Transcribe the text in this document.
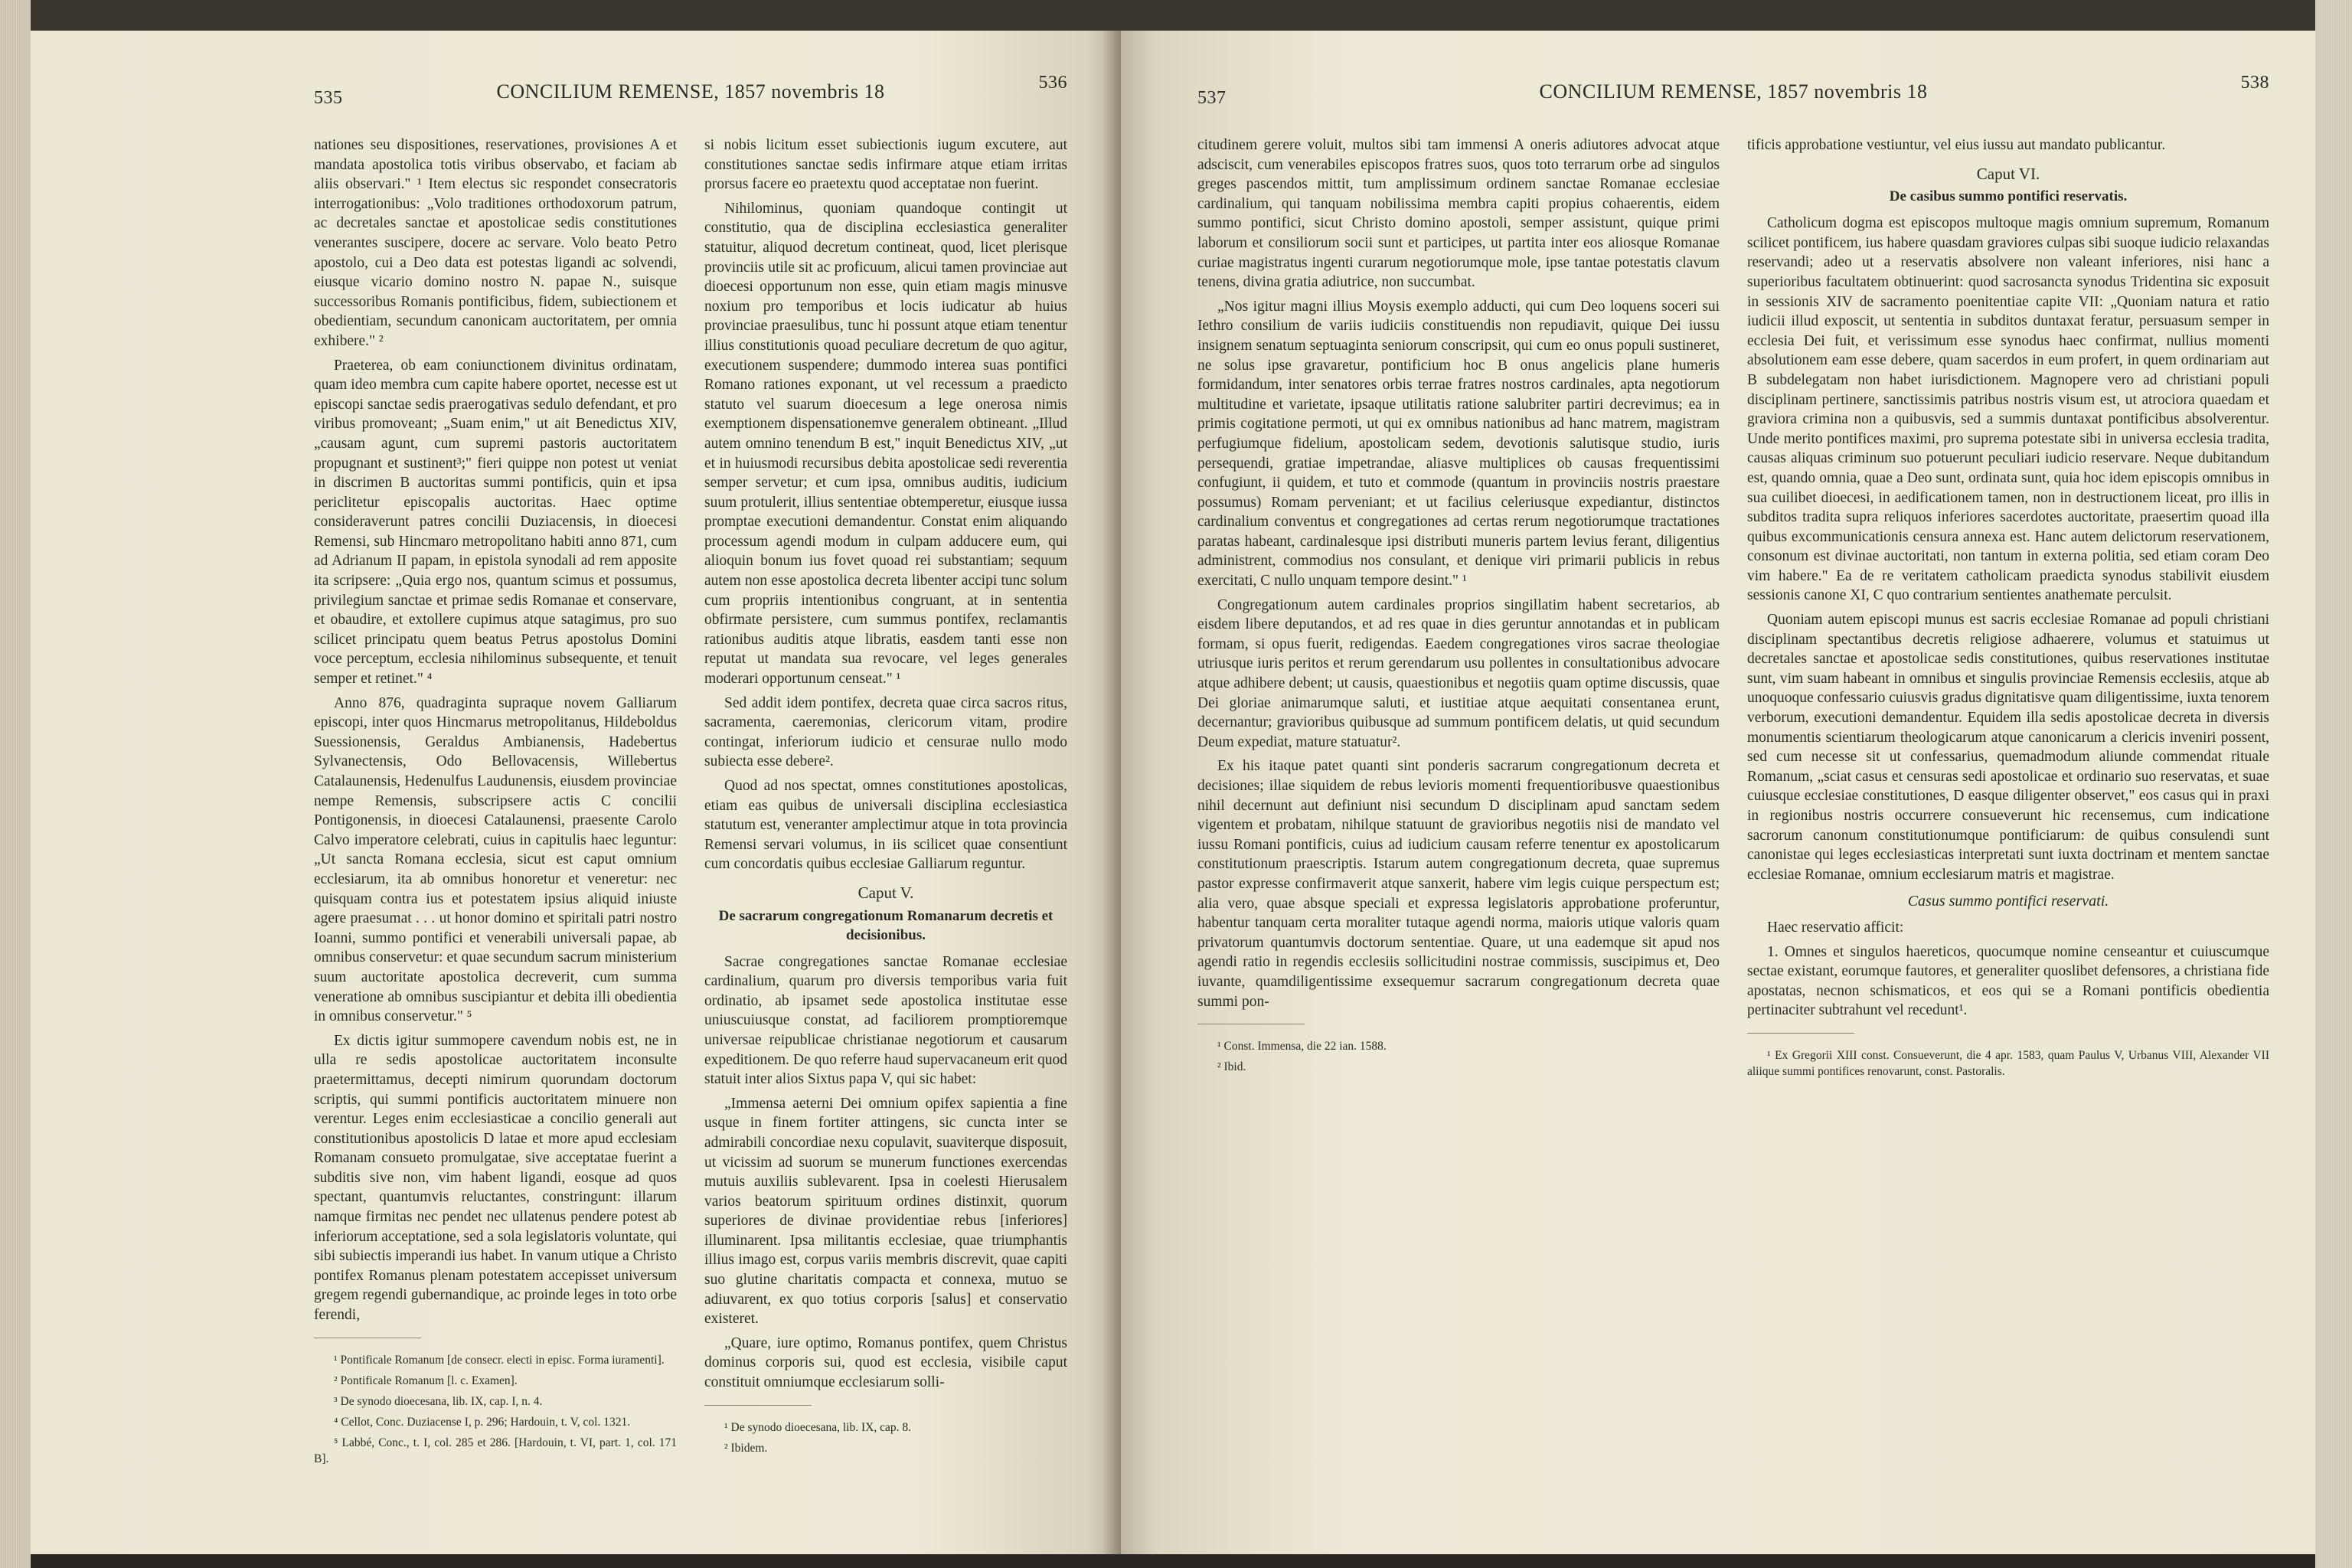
535	CONCILIUM REMENSE, 1857 novembris 18	536

nationes seu dispositiones, reservationes, provisiones A et mandata apostolica totis viribus observabo, et faciam ab aliis observari." ¹ Item electus sic respondet consecratoris interrogationibus: „Volo traditiones orthodoxorum patrum, ac decretales sanctae et apostolicae sedis constitutiones venerantes suscipere, docere ac servare. Volo beato Petro apostolo, cui a Deo data est potestas ligandi ac solvendi, eiusque vicario domino nostro N. papae N., suisque successoribus Romanis pontificibus, fidem, subiectionem et obedientiam, secundum canonicam auctoritatem, per omnia exhibere." ²

Praeterea, ob eam coniunctionem divinitus ordinatam, quam ideo membra cum capite habere oportet, necesse est ut episcopi sanctae sedis praerogativas sedulo defendant, et pro viribus promoveant; „Suam enim," ut ait Benedictus XIV, „causam agunt, cum supremi pastoris auctoritatem propugnant et sustinent³;" fieri quippe non potest ut veniat in discrimen B auctoritas summi pontificis, quin et ipsa periclitetur episcopalis auctoritas. Haec optime consideraverunt patres concilii Duziacensis, in dioecesi Remensi, sub Hincmaro metropolitano habiti anno 871, cum ad Adrianum II papam, in epistola synodali ad rem apposite ita scripsere: „Quia ergo nos, quantum scimus et possumus, privilegium sanctae et primae sedis Romanae et conservare, et obaudire, et extollere cupimus atque satagimus, pro suo scilicet principatu quem beatus Petrus apostolus Domini voce perceptum, ecclesia nihilominus subsequente, et tenuit semper et retinet." ⁴

Anno 876, quadraginta supraque novem Galliarum episcopi, inter quos Hincmarus metropolitanus, Hildeboldus Suessionensis, Geraldus Ambianensis, Hadebertus Sylvanectensis, Odo Bellovacensis, Willebertus Catalaunensis, Hedenulfus Laudunensis, eiusdem provinciae nempe Remensis, subscripsere actis C concilii Pontigonensis, in dioecesi Catalaunensi, praesente Carolo Calvo imperatore celebrati, cuius in capitulis haec leguntur: „Ut sancta Romana ecclesia, sicut est caput omnium ecclesiarum, ita ab omnibus honoretur et veneretur: nec quisquam contra ius et potestatem ipsius aliquid iniuste agere praesumat . . . ut honor domino et spiritali patri nostro Ioanni, summo pontifici et venerabili universali papae, ab omnibus conservetur: et quae secundum sacrum ministerium suum auctoritate apostolica decreverit, cum summa veneratione ab omnibus suscipiantur et debita illi obedientia in omnibus conservetur." ⁵

Ex dictis igitur summopere cavendum nobis est, ne in ulla re sedis apostolicae auctoritatem inconsulte praetermittamus, decepti nimirum quorundam doctorum scriptis, qui summi pontificis auctoritatem minuere non verentur. Leges enim ecclesiasticae a concilio generali aut constitutionibus apostolicis D latae et more apud ecclesiam Romanam consueto promulgatae, sive acceptatae fuerint a subditis sive non, vim habent ligandi, eosque ad quos spectant, quantumvis reluctantes, constringunt: illarum namque firmitas nec pendet nec ullatenus pendere potest ab inferiorum acceptatione, sed a sola legislatoris voluntate, qui sibi subiectis imperandi ius habet. In vanum utique a Christo pontifex Romanus plenam potestatem accepisset universum gregem regendi gubernandique, ac proinde leges in toto orbe ferendi,

¹ Pontificale Romanum [de consecr. electi in episc. Forma iuramenti].

² Pontificale Romanum [l. c. Examen].

³ De synodo dioecesana, lib. IX, cap. I, n. 4.

⁴ Cellot, Conc. Duziacense I, p. 296; Hardouin, t. V, col. 1321.

⁵ Labbé, Conc., t. I, col. 285 et 286. [Hardouin, t. VI, part. 1, col. 171 B].

si nobis licitum esset subiectionis iugum excutere, aut constitutiones sanctae sedis infirmare atque etiam irritas prorsus facere eo praetextu quod acceptatae non fuerint.

Nihilominus, quoniam quandoque contingit ut constitutio, qua de disciplina ecclesiastica generaliter statuitur, aliquod decretum contineat, quod, licet plerisque provinciis utile sit ac proficuum, alicui tamen provinciae aut dioecesi opportunum non esse, quin etiam magis minusve noxium pro temporibus et locis iudicatur ab huius provinciae praesulibus, tunc hi possunt atque etiam tenentur illius constitutionis quoad peculiare decretum de quo agitur, executionem suspendere; dummodo interea suas pontifici Romano rationes exponant, ut vel recessum a praedicto statuto vel suarum dioecesum a lege onerosa nimis exemptionem dispensationemve generalem obtineant. „Illud autem omnino tenendum B est," inquit Benedictus XIV, „ut et in huiusmodi recursibus debita apostolicae sedi reverentia semper servetur; et cum ipsa, omnibus auditis, iudicium suum protulerit, illius sententiae obtemperetur, eiusque iussa promptae executioni demandentur. Constat enim aliquando processum agendi modum in culpam adducere eum, qui alioquin bonum ius fovet quoad rei substantiam; sequum autem non esse apostolica decreta libenter accipi tunc solum cum propriis intentionibus congruant, at in sententia obfirmate persistere, cum summus pontifex, reclamantis rationibus auditis atque libratis, easdem tanti esse non reputat ut mandata sua revocare, vel leges generales moderari opportunum censeat." ¹

Sed addit idem pontifex, decreta quae circa sacros ritus, sacramenta, caeremonias, clericorum vitam, prodire contingat, inferiorum iudicio et censurae nullo modo subiecta esse debere².

Quod ad nos spectat, omnes constitutiones apostolicas, etiam eas quibus de universali disciplina ecclesiastica statutum est, veneranter amplectimur atque in tota provincia Remensi servari volumus, in iis scilicet quae consentiunt cum concordatis quibus ecclesiae Galliarum reguntur.

Caput V.
De sacrarum congregationum Romanarum decretis et decisionibus.

Sacrae congregationes sanctae Romanae ecclesiae cardinalium, quarum pro diversis temporibus varia fuit ordinatio, ab ipsamet sede apostolica institutae esse uniuscuiusque constat, ad faciliorem promptioremque universae reipublicae christianae negotiorum et causarum expeditionem. De quo referre haud supervacaneum erit quod statuit inter alios Sixtus papa V, qui sic habet:

„Immensa aeterni Dei omnium opifex sapientia a fine usque in finem fortiter attingens, sic cuncta inter se admirabili concordiae nexu copulavit, suaviterque disposuit, ut vicissim ad suorum se munerum functiones exercendas mutuis auxiliis sublevarent. Ipsa in coelesti Hierusalem varios beatorum spirituum ordines distinxit, quorum superiores de divinae providentiae rebus [inferiores] illuminarent. Ipsa militantis ecclesiae, quae triumphantis illius imago est, corpus variis membris discrevit, quae capiti suo glutine charitatis compacta et connexa, mutuo se adiuvarent, ex quo totius corporis [salus] et conservatio existeret.

„Quare, iure optimo, Romanus pontifex, quem Christus dominus corporis sui, quod est ecclesia, visibile caput constituit omniumque ecclesiarum solli-

¹ De synodo dioecesana, lib. IX, cap. 8.

² Ibidem.

537	CONCILIUM REMENSE, 1857 novembris 18	538

citudinem gerere voluit, multos sibi tam immensi A oneris adiutores advocat atque adsciscit, cum venerabiles episcopos fratres suos, quos toto terrarum orbe ad singulos greges pascendos mittit, tum amplissimum ordinem sanctae Romanae ecclesiae cardinalium, qui tanquam nobilissima membra capiti propius cohaerentis, eidem summo pontifici, sicut Christo domino apostoli, semper assistunt, quique primi laborum et consiliorum socii sunt et participes, ut partita inter eos aliosque Romanae curiae magistratus ingenti curarum negotiorumque mole, ipse tantae potestatis clavum tenens, divina gratia adiutrice, non succumbat.

„Nos igitur magni illius Moysis exemplo adducti, qui cum Deo loquens soceri sui Iethro consilium de variis iudiciis constituendis non repudiavit, quique Dei iussu insignem senatum septuaginta seniorum conscripsit, qui cum eo onus populi sustineret, ne solus ipse gravaretur, pontificium hoc B onus angelicis plane humeris formidandum, inter senatores orbis terrae fratres nostros cardinales, apta negotiorum multitudine et varietate, ipsaque utilitatis ratione salubriter partiri decrevimus; ea in primis cogitatione permoti, ut qui ex omnibus nationibus ad hanc matrem, magistram perfugiumque fidelium, apostolicam sedem, devotionis salutisque studio, iuris persequendi, gratiae impetrandae, aliasve multiplices ob causas frequentissimi confugiunt, ii quidem, et tuto et commode (quantum in provinciis nostris praestare possumus) Romam perveniant; et ut facilius celeriusque expediantur, distinctos cardinalium conventus et congregationes ad certas rerum negotiorumque tractationes paratas habeant, cardinalesque ipsi distributi muneris partem levius ferant, diligentius administrent, commodius nos consulant, et denique viri primarii publicis in rebus exercitati, C nullo unquam tempore desint." ¹

Congregationum autem cardinales proprios singillatim habent secretarios, ab eisdem libere deputandos, et ad res quae in dies geruntur annotandas et in publicam formam, si opus fuerit, redigendas. Eaedem congregationes viros sacrae theologiae utriusque iuris peritos et rerum gerendarum usu pollentes in consultationibus advocare atque adhibere debent; ut causis, quaestionibus et negotiis quam optime discussis, quae Dei gloriae animarumque saluti, et iustitiae atque aequitati consentanea erunt, decernantur; gravioribus quibusque ad summum pontificem delatis, ut quid secundum Deum expediat, mature statuatur².

Ex his itaque patet quanti sint ponderis sacrarum congregationum decreta et decisiones; illae siquidem de rebus levioris momenti frequentioribusve quaestionibus nihil decernunt aut definiunt nisi secundum D disciplinam apud sanctam sedem vigentem et probatam, nihilque statuunt de gravioribus negotiis nisi de mandato vel iussu Romani pontificis, cuius ad iudicium causam referre tenentur ex apostolicarum constitutionum praescriptis. Istarum autem congregationum decreta, quae supremus pastor expresse confirmaverit atque sanxerit, habere vim legis cuique perspectum est; alia vero, quae absque speciali et expressa legislatoris approbatione proferuntur, habentur tanquam certa moraliter tutaque agendi norma, maioris utique valoris quam privatorum quantumvis doctorum sententiae. Quare, ut una eademque sit apud nos agendi ratio in regendis ecclesiis sollicitudini nostrae commissis, suscipimus et, Deo iuvante, quamdiligentissime exsequemur sacrarum congregationum decreta quae summi pon-

¹ Const. Immensa, die 22 ian. 1588.

² Ibid.

tificis approbatione vestiuntur, vel eius iussu aut mandato publicantur.

Caput VI.
De casibus summo pontifici reservatis.

Catholicum dogma est episcopos multoque magis omnium supremum, Romanum scilicet pontificem, ius habere quasdam graviores culpas sibi suoque iudicio relaxandas reservandi; adeo ut a reservatis absolvere non valeant inferiores, nisi hanc a superioribus facultatem obtinuerint: quod sacrosancta synodus Tridentina sic exposuit in sessionis XIV de sacramento poenitentiae capite VII: „Quoniam natura et ratio iudicii illud exposcit, ut sententia in subditos duntaxat feratur, persuasum semper in ecclesia Dei fuit, et verissimum esse synodus haec confirmat, nullius momenti absolutionem eam esse debere, quam sacerdos in eum profert, in quem ordinariam aut B subdelegatam non habet iurisdictionem. Magnopere vero ad christiani populi disciplinam pertinere, sanctissimis patribus nostris visum est, ut atrociora quaedam et graviora crimina non a quibusvis, sed a summis duntaxat pontificibus absolverentur. Unde merito pontifices maximi, pro suprema potestate sibi in universa ecclesia tradita, causas aliquas criminum suo potuerunt peculiari iudicio reservare. Neque dubitandum est, quando omnia, quae a Deo sunt, ordinata sunt, quia hoc idem episcopis omnibus in sua cuilibet dioecesi, in aedificationem tamen, non in destructionem liceat, pro illis in subditos tradita supra reliquos inferiores sacerdotes auctoritate, praesertim quoad illa quibus excommunicationis censura annexa est. Hanc autem delictorum reservationem, consonum est divinae auctoritati, non tantum in externa politia, sed etiam coram Deo vim habere." Ea de re veritatem catholicam praedicta synodus stabilivit eiusdem sessionis canone XI, C quo contrarium sentientes anathemate perculsit.

Quoniam autem episcopi munus est sacris ecclesiae Romanae ad populi christiani disciplinam spectantibus decretis religiose adhaerere, volumus et statuimus ut decretales sanctae et apostolicae sedis constitutiones, quibus reservationes institutae sunt, vim suam habeant in omnibus et singulis provinciae Remensis ecclesiis, atque ab unoquoque confessario cuiusvis gradus dignitatisve quam diligentissime, iuxta tenorem verborum, executioni demandentur. Equidem illa sedis apostolicae decreta in diversis monumentis scientiarum theologicarum atque canonicarum a clericis inveniri possent, sed cum necesse sit ut confessarius, quemadmodum aliunde commendat rituale Romanum, „sciat casus et censuras sedi apostolicae et ordinario suo reservatas, et suae cuiusque ecclesiae constitutiones, D easque diligenter observet," eos casus qui in praxi in regionibus nostris occurrere consueverunt hic recensemus, cum indicatione sacrorum canonum constitutionumque pontificiarum: de quibus consulendi sunt canonistae qui leges ecclesiasticas interpretati sunt iuxta doctrinam et mentem sanctae ecclesiae Romanae, omnium ecclesiarum matris et magistrae.

Casus summo pontifici reservati.

Haec reservatio afficit:

1. Omnes et singulos haereticos, quocumque nomine censeantur et cuiuscumque sectae existant, eorumque fautores, et generaliter quoslibet defensores, a christiana fide apostatas, necnon schismaticos, et eos qui se a Romani pontificis obedientia pertinaciter subtrahunt vel recedunt¹.

¹ Ex Gregorii XIII const. Consueverunt, die 4 apr. 1583, quam Paulus V, Urbanus VIII, Alexander VII aliique summi pontifices renovarunt, const. Pastoralis.
